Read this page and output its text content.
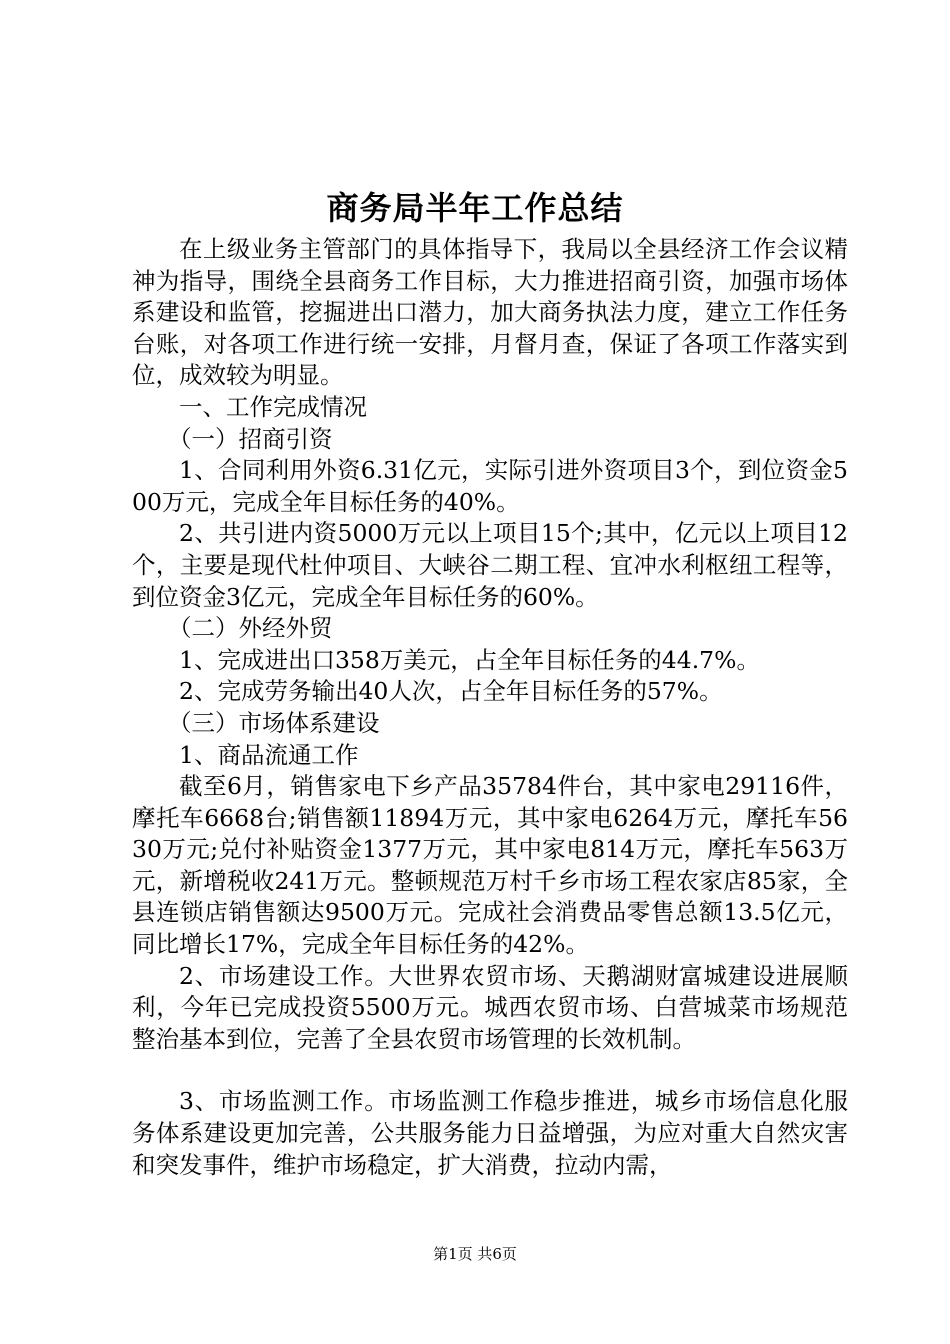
商务局半年工作总结

在上级业务主管部门的具体指导下，我局以全县经济工作会议精神为指导，围绕全县商务工作目标，大力推进招商引资，加强市场体系建设和监管，挖掘进出口潜力，加大商务执法力度，建立工作任务台账，对各项工作进行统一安排，月督月查，保证了各项工作落实到位，成效较为明显。

一、工作完成情况

（一）招商引资

1、合同利用外资6.31亿元，实际引进外资项目3个，到位资金500万元，完成全年目标任务的40%。

2、共引进内资5000万元以上项目15个;其中，亿元以上项目12个，主要是现代杜仲项目、大峡谷二期工程、宜冲水利枢纽工程等，到位资金3亿元，完成全年目标任务的60%。

（二）外经外贸

1、完成进出口358万美元，占全年目标任务的44.7%。

2、完成劳务输出40人次，占全年目标任务的57%。

（三）市场体系建设

1、商品流通工作

截至6月，销售家电下乡产品35784件台，其中家电29116件，摩托车6668台;销售额11894万元，其中家电6264万元，摩托车5630万元;兑付补贴资金1377万元，其中家电814万元，摩托车563万元，新增税收241万元。整顿规范万村千乡市场工程农家店85家，全县连锁店销售额达9500万元。完成社会消费品零售总额13.5亿元，同比增长17%，完成全年目标任务的42%。

2、市场建设工作。大世界农贸市场、天鹅湖财富城建设进展顺利，今年已完成投资5500万元。城西农贸市场、白营城菜市场规范整治基本到位，完善了全县农贸市场管理的长效机制。

3、市场监测工作。市场监测工作稳步推进，城乡市场信息化服务体系建设更加完善，公共服务能力日益增强，为应对重大自然灾害和突发事件，维护市场稳定，扩大消费，拉动内需，

第1页 共6页
